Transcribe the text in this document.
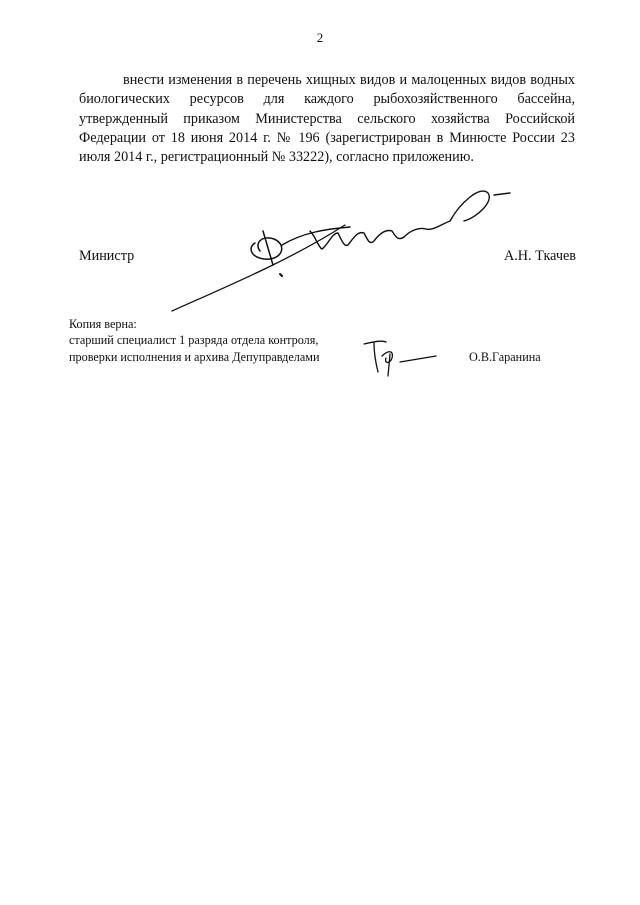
2

внести изменения в перечень хищных видов и малоценных видов водных биологических ресурсов для каждого рыбохозяйственного бассейна, утвержденный приказом Министерства сельского хозяйства Российской Федерации от 18 июня 2014 г. № 196 (зарегистрирован в Минюсте России 23 июля 2014 г., регистрационный № 33222), согласно приложению.

Министр	А.Н. Ткачев
Копия верна:
старший специалист 1 разряда отдела контроля,
проверки исполнения и архива Депуправделами	О.В.Гаранина
